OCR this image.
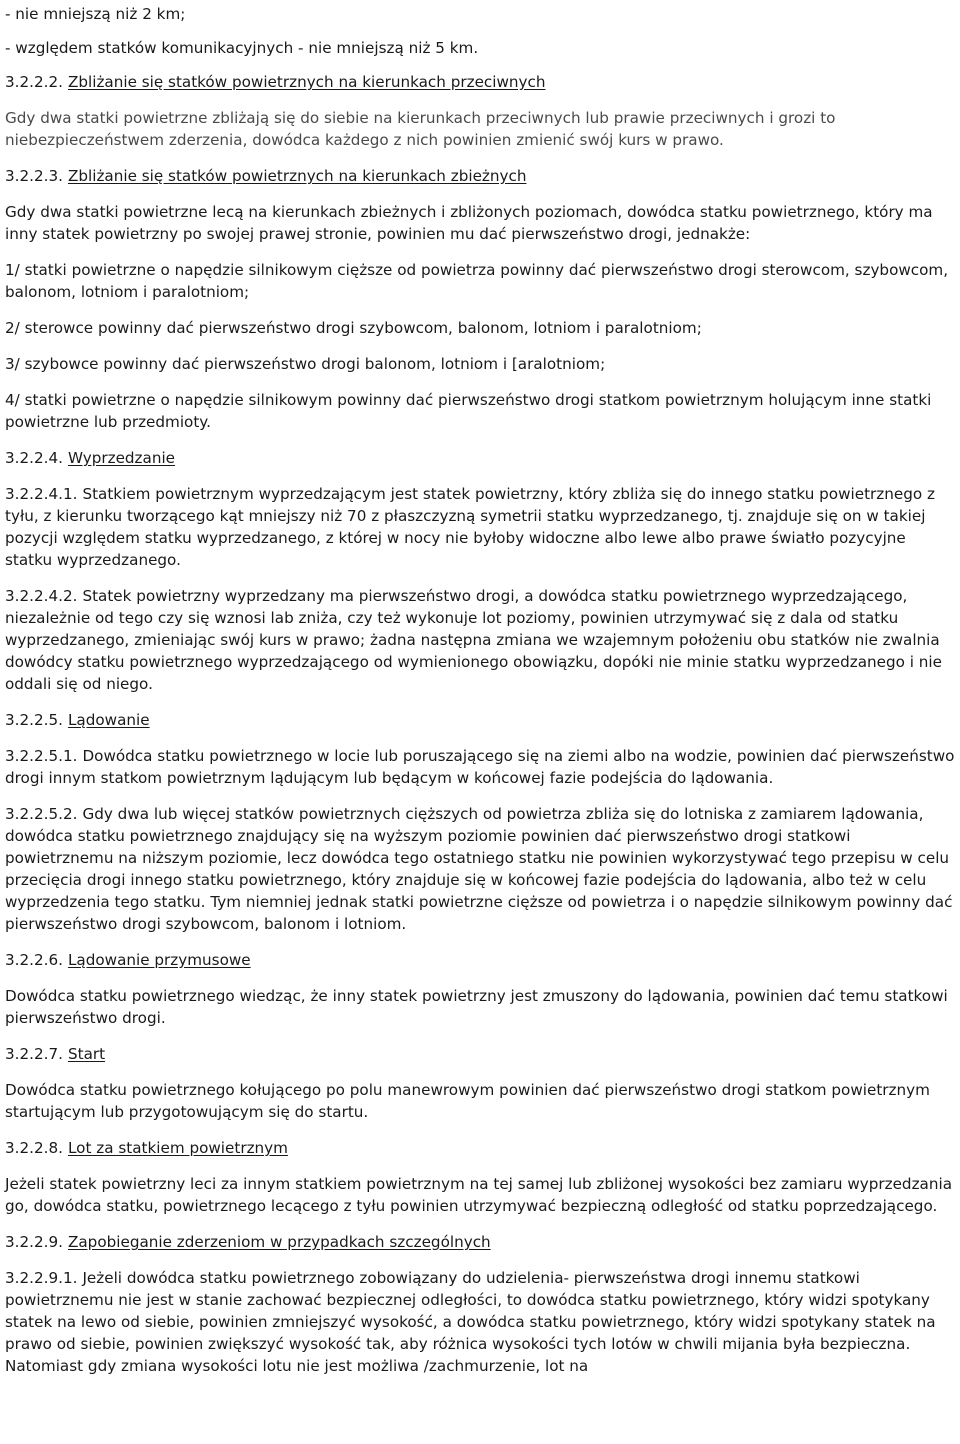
- nie mniejszą niż 2 km;

- względem statków komunikacyjnych - nie mniejszą niż 5 km.

3.2.2.2. Zbliżanie się statków powietrznych na kierunkach przeciwnych

Gdy dwa statki powietrzne zbliżają się do siebie na kierunkach przeciwnych lub prawie przeciwnych i grozi to niebezpieczeństwem zderzenia, dowódca każdego z nich powinien zmienić swój kurs w prawo.

3.2.2.3. Zbliżanie się statków powietrznych na kierunkach zbieżnych

Gdy dwa statki powietrzne lecą na kierunkach zbieżnych i zbliżonych poziomach, dowódca statku powietrznego, który ma inny statek powietrzny po swojej prawej stronie, powinien mu dać pierwszeństwo drogi, jednakże:

1/ statki powietrzne o napędzie silnikowym cięższe od powietrza powinny dać pierwszeństwo drogi sterowcom, szybowcom, balonom, lotniom i paralotniom;

2/ sterowce powinny dać pierwszeństwo drogi szybowcom, balonom, lotniom i paralotniom;

3/ szybowce powinny dać pierwszeństwo drogi balonom, lotniom i [aralotniom;

4/ statki powietrzne o napędzie silnikowym powinny dać pierwszeństwo drogi statkom powietrznym holującym inne statki powietrzne lub przedmioty.

3.2.2.4. Wyprzedzanie

3.2.2.4.1. Statkiem powietrznym wyprzedzającym jest statek powietrzny, który zbliża się do innego statku powietrznego z tyłu, z kierunku tworzącego kąt mniejszy niż 70 z płaszczyzną symetrii statku wyprzedzanego, tj. znajduje się on w takiej pozycji względem statku wyprzedzanego, z której w nocy nie byłoby widoczne albo lewe albo prawe światło pozycyjne statku wyprzedzanego.

3.2.2.4.2. Statek powietrzny wyprzedzany ma pierwszeństwo drogi, a dowódca statku powietrznego wyprzedzającego, niezależnie od tego czy się wznosi lab zniża, czy też wykonuje lot poziomy, powinien utrzymywać się z dala od statku wyprzedzanego, zmieniając swój kurs w prawo; żadna następna zmiana we wzajemnym położeniu obu statków nie zwalnia dowódcy statku powietrznego wyprzedzającego od wymienionego obowiązku, dopóki nie minie statku wyprzedzanego i nie oddali się od niego.

3.2.2.5. Lądowanie

3.2.2.5.1. Dowódca statku powietrznego w locie lub poruszającego się na ziemi albo na wodzie, powinien dać pierwszeństwo drogi innym statkom powietrznym lądującym lub będącym w końcowej fazie podejścia do lądowania.

3.2.2.5.2. Gdy dwa lub więcej statków powietrznych cięższych od powietrza zbliża się do lotniska z zamiarem lądowania, dowódca statku powietrznego znajdujący się na wyższym poziomie powinien dać pierwszeństwo drogi statkowi powietrznemu na niższym poziomie, lecz dowódca tego ostatniego statku nie powinien wykorzystywać tego przepisu w celu przecięcia drogi innego statku powietrznego, który znajduje się w końcowej fazie podejścia do lądowania, albo też w celu wyprzedzenia tego statku. Tym niemniej jednak statki powietrzne cięższe od powietrza i o napędzie silnikowym powinny dać pierwszeństwo drogi szybowcom, balonom i lotniom.

3.2.2.6. Lądowanie przymusowe

Dowódca statku powietrznego wiedząc, że inny statek powietrzny jest zmuszony do lądowania, powinien dać temu statkowi pierwszeństwo drogi.

3.2.2.7. Start

Dowódca statku powietrznego kołującego po polu manewrowym powinien dać pierwszeństwo drogi statkom powietrznym startującym lub przygotowującym się do startu.

3.2.2.8. Lot za statkiem powietrznym

Jeżeli statek powietrzny leci za innym statkiem powietrznym na tej samej lub zbliżonej wysokości bez zamiaru wyprzedzania go, dowódca statku, powietrznego lecącego z tyłu powinien utrzymywać bezpieczną odległość od statku poprzedzającego.

3.2.2.9. Zapobieganie zderzeniom w przypadkach szczególnych

3.2.2.9.1. Jeżeli dowódca statku powietrznego zobowiązany do udzielenia- pierwszeństwa drogi innemu statkowi powietrznemu nie jest w stanie zachować bezpiecznej odległości, to dowódca statku powietrznego, który widzi spotykany statek na lewo od siebie, powinien zmniejszyć wysokość, a dowódca statku powietrznego, który widzi spotykany statek na prawo od siebie, powinien zwiększyć wysokość tak, aby różnica wysokości tych lotów w chwili mijania była bezpieczna. Natomiast gdy zmiana wysokości lotu nie jest możliwa /zachmurzenie, lot na
